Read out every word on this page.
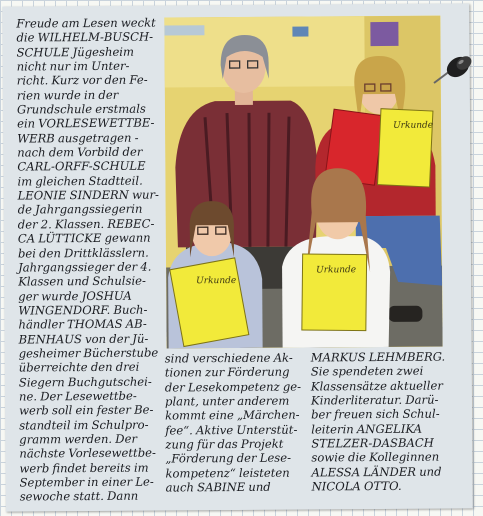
Freude am Lesen weckt

die WILHELM-BUSCH-

SCHULE Jügesheim

nicht nur im Unter-

richt. Kurz vor den Fe-

rien wurde in der

Grundschule erstmals

ein VORLESEWETTBE-

WERB ausgetragen -

nach dem Vorbild der

CARL-ORFF-SCHULE

im gleichen Stadtteil.

LEONIE SINDERN wur-

de Jahrgangssiegerin

der 2. Klassen. REBEC-

CA LÜTTICKE gewann

bei den Drittklässlern.

Jahrgangssieger der 4.

Klassen und Schulsie-

ger wurde JOSHUA

WINGENDORF. Buch-

händler THOMAS AB-

BENHAUS von der Jü-

gesheimer Bücherstube

überreichte den drei

Siegern Buchgutschei-

ne. Der Lesewettbe-

werb soll ein fester Be-

standteil im Schulpro-

gramm werden. Der

nächste Vorlesewettbe-

werb findet bereits im

September in einer Le-

sewoche statt. Dann

Urkunde
Urkunde
Urkunde

sind verschiedene Ak-

tionen zur Förderung

der Lesekompetenz ge-

plant, unter anderem

kommt eine „Märchen-

fee“. Aktive Unterstüt-

zung für das Projekt

„Förderung der Lese-

kompetenz“ leisteten

auch SABINE und

MARKUS LEHMBERG.

Sie spendeten zwei

Klassensätze aktueller

Kinderliteratur. Darü-

ber freuen sich Schul-

leiterin ANGELIKA

STELZER-DASBACH

sowie die Kolleginnen

ALESSA LÄNDER und

NICOLA OTTO.
